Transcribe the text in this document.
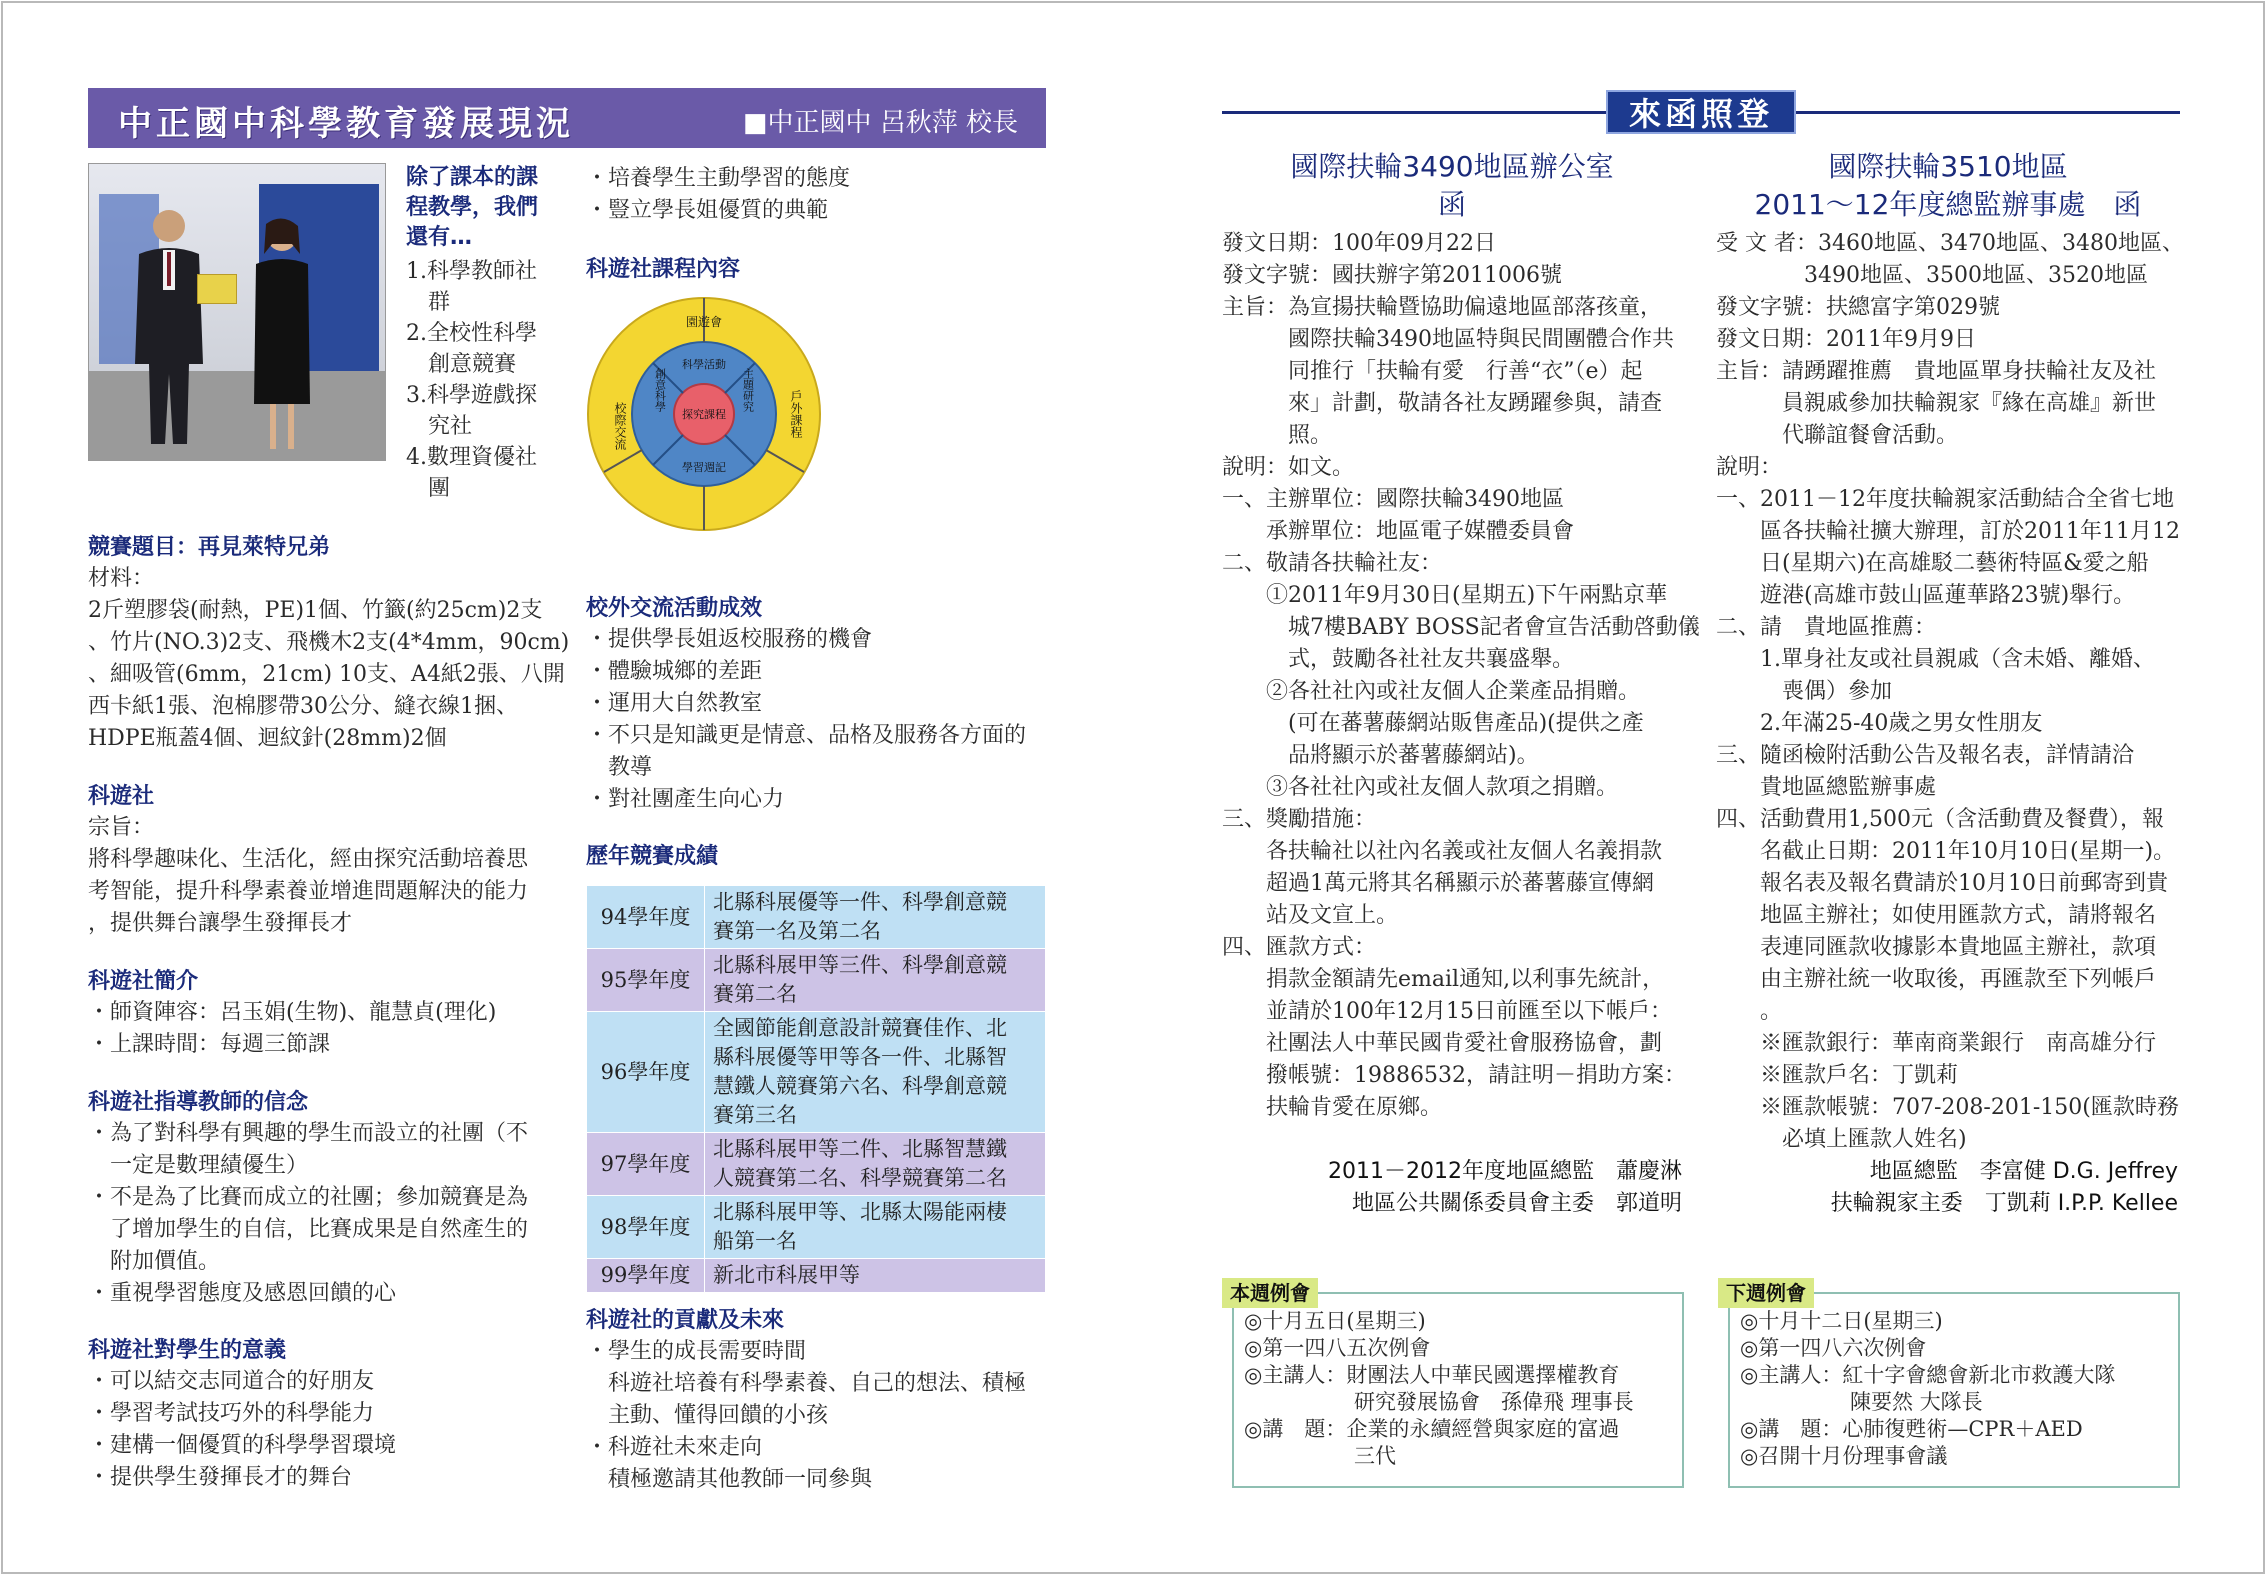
中正國中科學教育發展現況	■中正國中 呂秋萍 校長
除了課本的課
程教學，我們
還有…
1.科學教師社
群
2.全校性科學
創意競賽
3.科學遊戲探
究社
4.數理資優社
團
・培養學生主動學習的態度
・豎立學長姐優質的典範
科遊社課程內容
園遊會
戶外課程
校際交流
科學活動
主題研究
學習週記
創意科學
探究課程
競賽題目：再見萊特兄弟
材料：
2斤塑膠袋(耐熱，PE)1個、竹籤(約25cm)2支
、竹片(NO.3)2支、飛機木2支(4*4mm，90cm)
、細吸管(6mm，21cm) 10支、A4紙2張、八開
西卡紙1張、泡棉膠帶30公分、縫衣線1捆、
HDPE瓶蓋4個、迴紋針(28mm)2個
科遊社
宗旨：
將科學趣味化、生活化，經由探究活動培養思
考智能，提升科學素養並增進問題解決的能力
，提供舞台讓學生發揮長才
科遊社簡介
・師資陣容：呂玉娟(生物)、龍慧貞(理化)
・上課時間：每週三節課
科遊社指導教師的信念
・為了對科學有興趣的學生而設立的社團（不
一定是數理績優生）
・不是為了比賽而成立的社團；參加競賽是為
了增加學生的自信，比賽成果是自然產生的
附加價值。
・重視學習態度及感恩回饋的心
科遊社對學生的意義
・可以結交志同道合的好朋友
・學習考試技巧外的科學能力
・建構一個優質的科學學習環境
・提供學生發揮長才的舞台
校外交流活動成效
・提供學長姐返校服務的機會
・體驗城鄉的差距
・運用大自然教室
・不只是知識更是情意、品格及服務各方面的
教導
・對社團產生向心力
歷年競賽成績
94學年度	北縣科展優等一件、科學創意競
賽第一名及第二名

95學年度	北縣科展甲等三件、科學創意競
賽第二名

96學年度	全國節能創意設計競賽佳作、北
縣科展優等甲等各一件、北縣智
慧鐵人競賽第六名、科學創意競
賽第三名

97學年度	北縣科展甲等二件、北縣智慧鐵
人競賽第二名、科學競賽第二名

98學年度	北縣科展甲等、北縣太陽能兩棲
船第一名

99學年度	新北市科展甲等
科遊社的貢獻及未來
・學生的成長需要時間
科遊社培養有科學素養、自己的想法、積極
主動、懂得回饋的小孩
・科遊社未來走向
積極邀請其他教師一同參與
來函照登
國際扶輪3490地區辦公室
函
發文日期：100年09月22日
發文字號：國扶辦字第2011006號
主旨：為宣揚扶輪暨協助偏遠地區部落孩童，
國際扶輪3490地區特與民間團體合作共
同推行「扶輪有愛　行善“衣”（e）起
來」計劃，敬請各社友踴躍參與，請查
照。
說明：如文。
一、主辦單位：國際扶輪3490地區
承辦單位：地區電子媒體委員會
二、敬請各扶輪社友：
①2011年9月30日(星期五)下午兩點京華
城7樓BABY BOSS記者會宣告活動啓動儀
式，鼓勵各社社友共襄盛舉。
②各社社內或社友個人企業產品捐贈。
(可在蕃薯藤網站販售產品)(提供之產
品將顯示於蕃薯藤網站)。
③各社社內或社友個人款項之捐贈。
三、獎勵措施：
各扶輪社以社內名義或社友個人名義捐款
超過1萬元將其名稱顯示於蕃薯藤宣傳網
站及文宣上。
四、匯款方式：
捐款金額請先email通知,以利事先統計，
並請於100年12月15日前匯至以下帳戶：
社團法人中華民國肯愛社會服務協會，劃
撥帳號：19886532，請註明－捐助方案：
扶輪肯愛在原鄉。
2011－2012年度地區總監　蕭慶淋
地區公共關係委員會主委　郭道明
國際扶輪3510地區
2011～12年度總監辦事處　函
受 文 者：3460地區、3470地區、3480地區、
3490地區、3500地區、3520地區
發文字號：扶總富字第029號
發文日期：2011年9月9日
主旨：請踴躍推薦　貴地區單身扶輪社友及社
員親戚參加扶輪親家『緣在高雄』新世
代聯誼餐會活動。
說明：
一、2011－12年度扶輪親家活動結合全省七地
區各扶輪社擴大辦理，訂於2011年11月12
日(星期六)在高雄駁二藝術特區&愛之船
遊港(高雄市鼓山區蓮華路23號)舉行。
二、請　貴地區推薦：
1.單身社友或社員親戚（含未婚、離婚、
喪偶）參加
2.年滿25-40歲之男女性朋友
三、隨函檢附活動公告及報名表，詳情請洽
貴地區總監辦事處
四、活動費用1,500元（含活動費及餐費），報
名截止日期：2011年10月10日(星期一)。
報名表及報名費請於10月10日前郵寄到貴
地區主辦社；如使用匯款方式，請將報名
表連同匯款收據影本貴地區主辦社，款項
由主辦社統一收取後，再匯款至下列帳戶
。
※匯款銀行：華南商業銀行　南高雄分行
※匯款戶名：丁凱莉
※匯款帳號：707-208-201-150(匯款時務
必填上匯款人姓名)
地區總監　李富健 D.G. Jeffrey
扶輪親家主委　丁凱莉 I.P.P. Kellee
本週例會
◎十月五日(星期三)
◎第一四八五次例會
◎主講人：財團法人中華民國選擇權教育
研究發展協會　孫偉飛 理事長
◎講　題：企業的永續經營與家庭的富過
三代
下週例會
◎十月十二日(星期三)
◎第一四八六次例會
◎主講人：紅十字會總會新北市救護大隊
陳要然 大隊長
◎講　題：心肺復甦術—CPR＋AED
◎召開十月份理事會議
